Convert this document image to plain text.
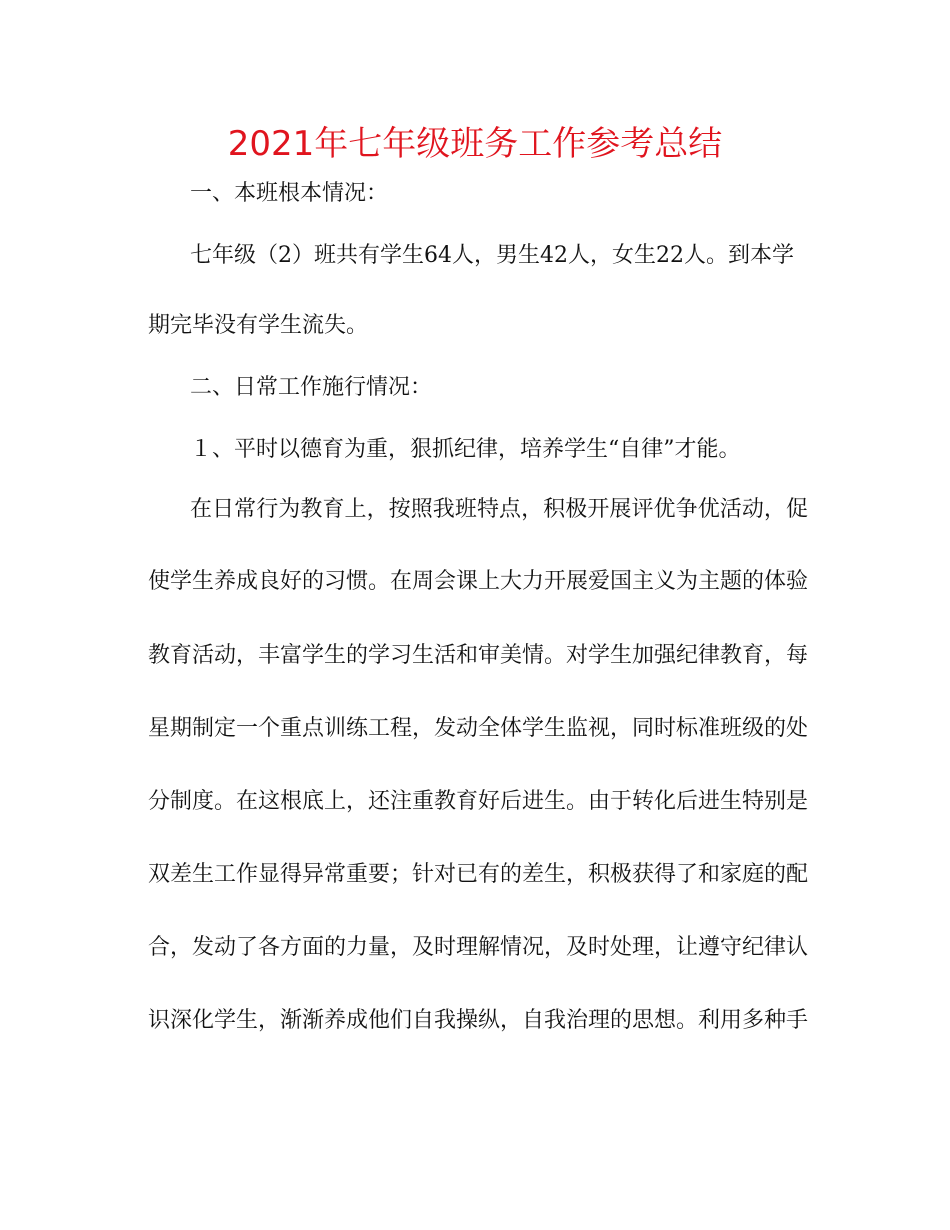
2021年七年级班务工作参考总结
一、本班根本情况：
七年级（2）班共有学生64人，男生42人，女生22人。到本学
期完毕没有学生流失。
二、日常工作施行情况：
１、平时以德育为重，狠抓纪律，培养学生“自律”才能。
在日常行为教育上，按照我班特点，积极开展评优争优活动，促
使学生养成良好的习惯。在周会课上大力开展爱国主义为主题的体验
教育活动，丰富学生的学习生活和审美情。对学生加强纪律教育，每
星期制定一个重点训练工程，发动全体学生监视，同时标准班级的处
分制度。在这根底上，还注重教育好后进生。由于转化后进生特别是
双差生工作显得异常重要；针对已有的差生，积极获得了和家庭的配
合，发动了各方面的力量，及时理解情况，及时处理，让遵守纪律认
识深化学生，渐渐养成他们自我操纵，自我治理的思想。利用多种手
